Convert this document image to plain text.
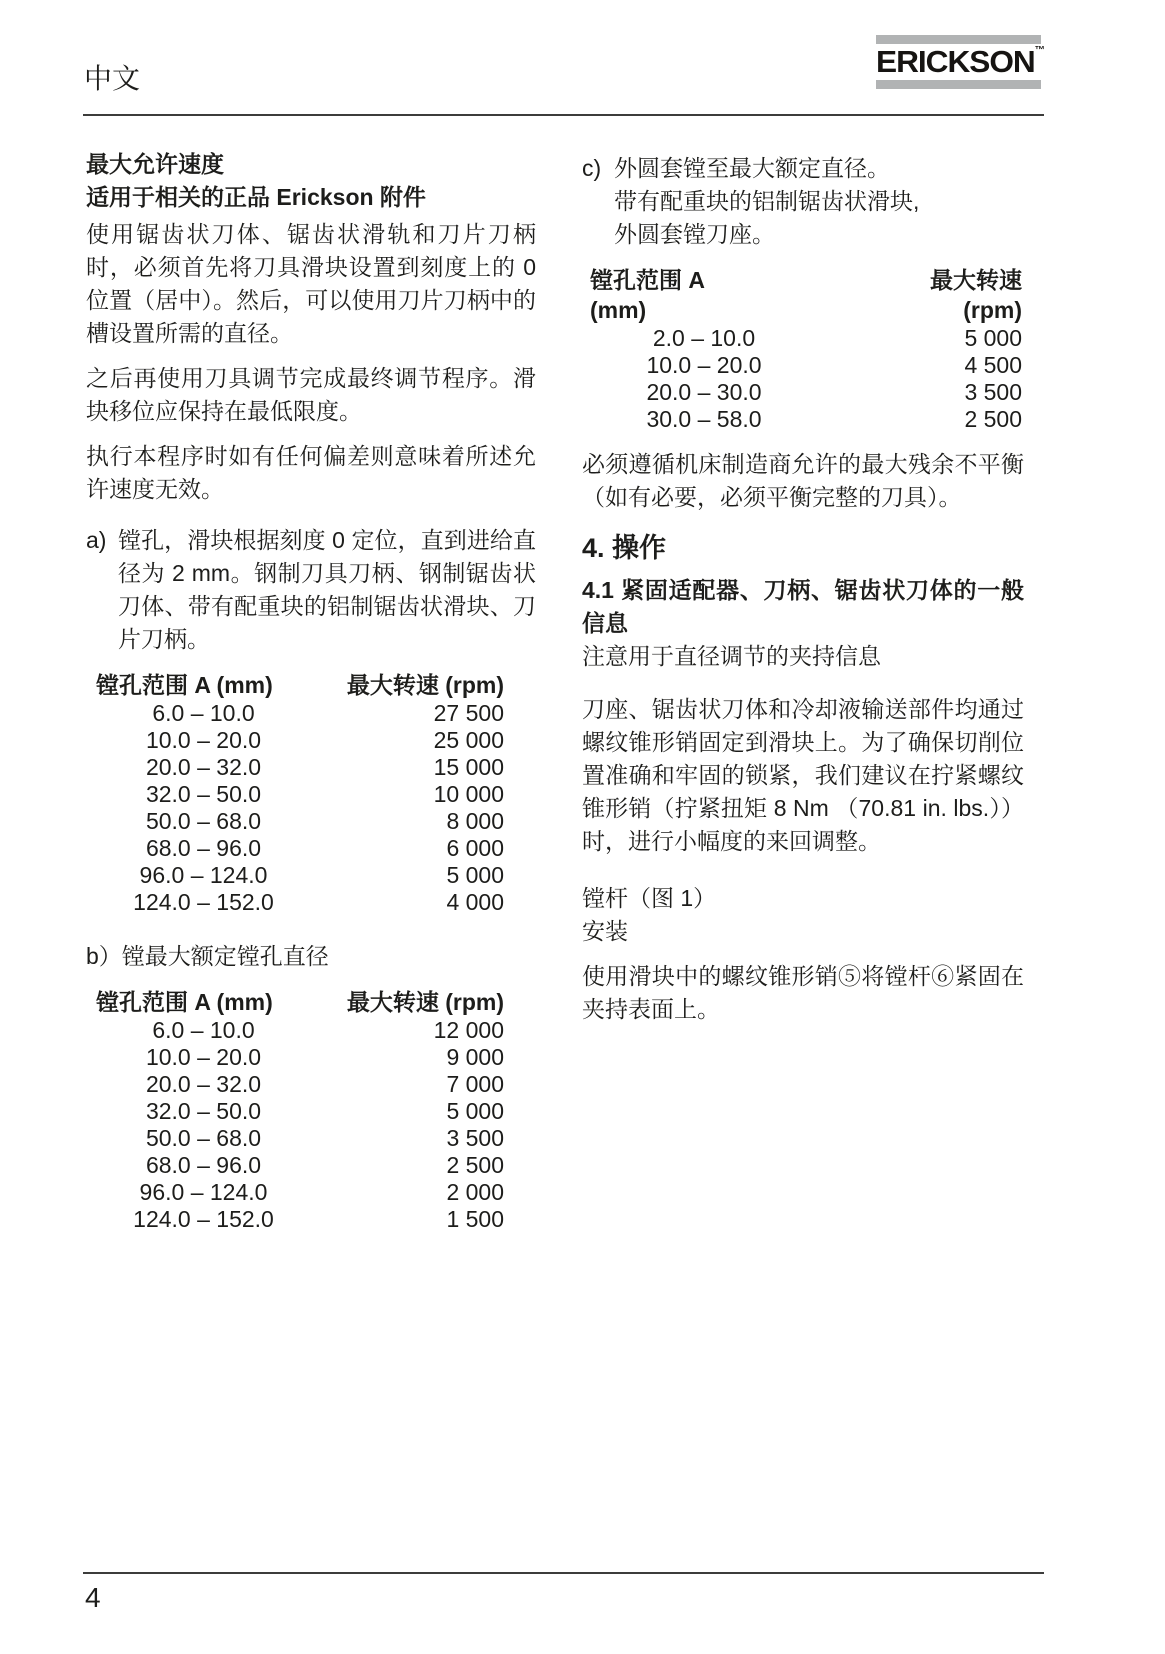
中文	ERICKSON™
最大允许速度
适用于相关的正品 Erickson 附件

使用锯齿状刀体、锯齿状滑轨和刀片刀柄时，必须首先将刀具滑块设置到刻度上的 0 位置（居中）。然后，可以使用刀片刀柄中的槽设置所需的直径。

之后再使用刀具调节完成最终调节程序。滑块移位应保持在最低限度。

执行本程序时如有任何偏差则意味着所述允许速度无效。

a) 镗孔，滑块根据刻度 0 定位，直到进给直径为 2 mm。钢制刀具刀柄、钢制锯齿状刀体、带有配重块的铝制锯齿状滑块、刀片刀柄。
镗孔范围 A (mm)	最大转速 (rpm)
6.0 – 10.0	27 500
10.0 – 20.0	25 000
20.0 – 32.0	15 000
32.0 – 50.0	10 000
50.0 – 68.0	8 000
68.0 – 96.0	6 000
96.0 – 124.0	5 000
124.0 – 152.0	4 000
b）镗最大额定镗孔直径
镗孔范围 A (mm)	最大转速 (rpm)
6.0 – 10.0	12 000
10.0 – 20.0	9 000
20.0 – 32.0	7 000
32.0 – 50.0	5 000
50.0 – 68.0	3 500
68.0 – 96.0	2 500
96.0 – 124.0	2 000
124.0 – 152.0	1 500
c) 外圆套镗至最大额定直径。
带有配重块的铝制锯齿状滑块,
外圆套镗刀座。
镗孔范围 A	最大转速
(mm)	(rpm)
2.0 – 10.0	5 000
10.0 – 20.0	4 500
20.0 – 30.0	3 500
30.0 – 58.0	2 500

必须遵循机床制造商允许的最大残余不平衡（如有必要，必须平衡完整的刀具）。

4. 操作
4.1 紧固适配器、刀柄、锯齿状刀体的一般信息
注意用于直径调节的夹持信息

刀座、锯齿状刀体和冷却液输送部件均通过螺纹锥形销固定到滑块上。为了确保切削位置准确和牢固的锁紧，我们建议在拧紧螺纹锥形销（拧紧扭矩 8 Nm （70.81 in. lbs.））时，进行小幅度的来回调整。

镗杆（图 1）
安装

使用滑块中的螺纹锥形销⑤将镗杆⑥紧固在夹持表面上。

4
